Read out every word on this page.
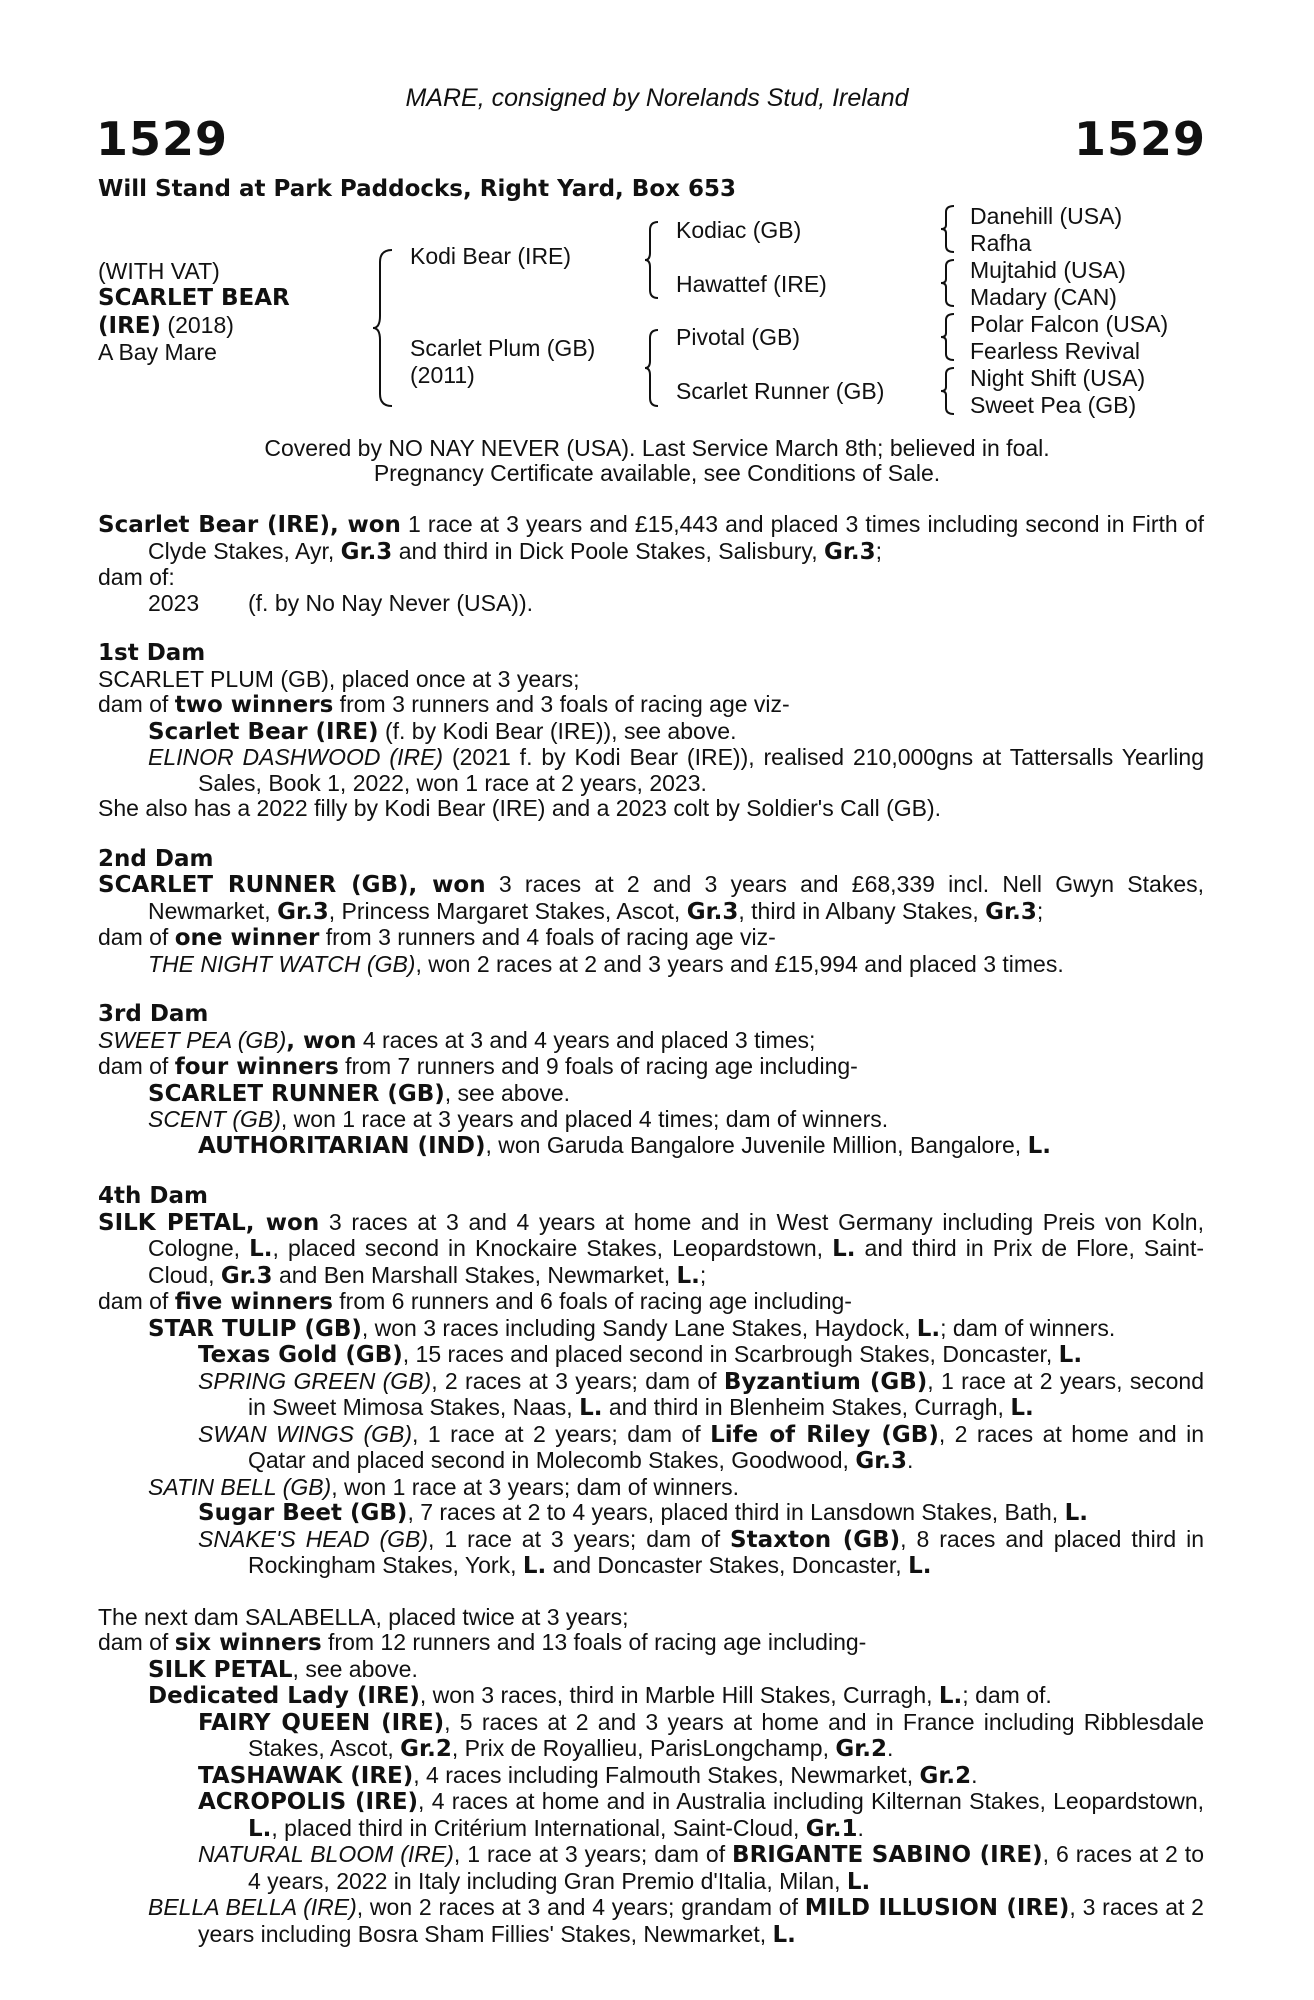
MARE, consigned by Norelands Stud, Ireland
1529	1529
Will Stand at Park Paddocks, Right Yard, Box 653
(WITH VAT)
SCARLET BEAR
(IRE) (2018)
A Bay Mare
Kodi Bear (IRE)
Scarlet Plum (GB)
(2011)
Kodiac (GB)
Hawattef (IRE)
Pivotal (GB)
Scarlet Runner (GB)
Danehill (USA)
Rafha
Mujtahid (USA)
Madary (CAN)
Polar Falcon (USA)
Fearless Revival
Night Shift (USA)
Sweet Pea (GB)
Covered by NO NAY NEVER (USA). Last Service March 8th; believed in foal.
Pregnancy Certificate available, see Conditions of Sale.

Scarlet Bear (IRE), won 1 race at 3 years and £15,443 and placed 3 times including second in Firth of Clyde Stakes, Ayr, Gr.3 and third in Dick Poole Stakes, Salisbury, Gr.3;

dam of:

2023 (f. by No Nay Never (USA)).

1st Dam

SCARLET PLUM (GB), placed once at 3 years;

dam of two winners from 3 runners and 3 foals of racing age viz-

Scarlet Bear (IRE) (f. by Kodi Bear (IRE)), see above.

ELINOR DASHWOOD (IRE) (2021 f. by Kodi Bear (IRE)), realised 210,000gns at Tattersalls Yearling Sales, Book 1, 2022, won 1 race at 2 years, 2023.

She also has a 2022 filly by Kodi Bear (IRE) and a 2023 colt by Soldier's Call (GB).

2nd Dam

SCARLET RUNNER (GB), won 3 races at 2 and 3 years and £68,339 incl. Nell Gwyn Stakes, Newmarket, Gr.3, Princess Margaret Stakes, Ascot, Gr.3, third in Albany Stakes, Gr.3;

dam of one winner from 3 runners and 4 foals of racing age viz-

THE NIGHT WATCH (GB), won 2 races at 2 and 3 years and £15,994 and placed 3 times.

3rd Dam

SWEET PEA (GB), won 4 races at 3 and 4 years and placed 3 times;

dam of four winners from 7 runners and 9 foals of racing age including-

SCARLET RUNNER (GB), see above.

SCENT (GB), won 1 race at 3 years and placed 4 times; dam of winners.

AUTHORITARIAN (IND), won Garuda Bangalore Juvenile Million, Bangalore, L.

4th Dam

SILK PETAL, won 3 races at 3 and 4 years at home and in West Germany including Preis von Koln, Cologne, L., placed second in Knockaire Stakes, Leopardstown, L. and third in Prix de Flore, Saint-Cloud, Gr.3 and Ben Marshall Stakes, Newmarket, L.;

dam of five winners from 6 runners and 6 foals of racing age including-

STAR TULIP (GB), won 3 races including Sandy Lane Stakes, Haydock, L.; dam of winners.

Texas Gold (GB), 15 races and placed second in Scarbrough Stakes, Doncaster, L.

SPRING GREEN (GB), 2 races at 3 years; dam of Byzantium (GB), 1 race at 2 years, second in Sweet Mimosa Stakes, Naas, L. and third in Blenheim Stakes, Curragh, L.

SWAN WINGS (GB), 1 race at 2 years; dam of Life of Riley (GB), 2 races at home and in Qatar and placed second in Molecomb Stakes, Goodwood, Gr.3.

SATIN BELL (GB), won 1 race at 3 years; dam of winners.

Sugar Beet (GB), 7 races at 2 to 4 years, placed third in Lansdown Stakes, Bath, L.

SNAKE'S HEAD (GB), 1 race at 3 years; dam of Staxton (GB), 8 races and placed third in Rockingham Stakes, York, L. and Doncaster Stakes, Doncaster, L.

The next dam SALABELLA, placed twice at 3 years;

dam of six winners from 12 runners and 13 foals of racing age including-

SILK PETAL, see above.

Dedicated Lady (IRE), won 3 races, third in Marble Hill Stakes, Curragh, L.; dam of.

FAIRY QUEEN (IRE), 5 races at 2 and 3 years at home and in France including Ribblesdale Stakes, Ascot, Gr.2, Prix de Royallieu, ParisLongchamp, Gr.2.

TASHAWAK (IRE), 4 races including Falmouth Stakes, Newmarket, Gr.2.

ACROPOLIS (IRE), 4 races at home and in Australia including Kilternan Stakes, Leopardstown, L., placed third in Critérium International, Saint-Cloud, Gr.1.

NATURAL BLOOM (IRE), 1 race at 3 years; dam of BRIGANTE SABINO (IRE), 6 races at 2 to 4 years, 2022 in Italy including Gran Premio d'Italia, Milan, L.

BELLA BELLA (IRE), won 2 races at 3 and 4 years; grandam of MILD ILLUSION (IRE), 3 races at 2 years including Bosra Sham Fillies' Stakes, Newmarket, L.
